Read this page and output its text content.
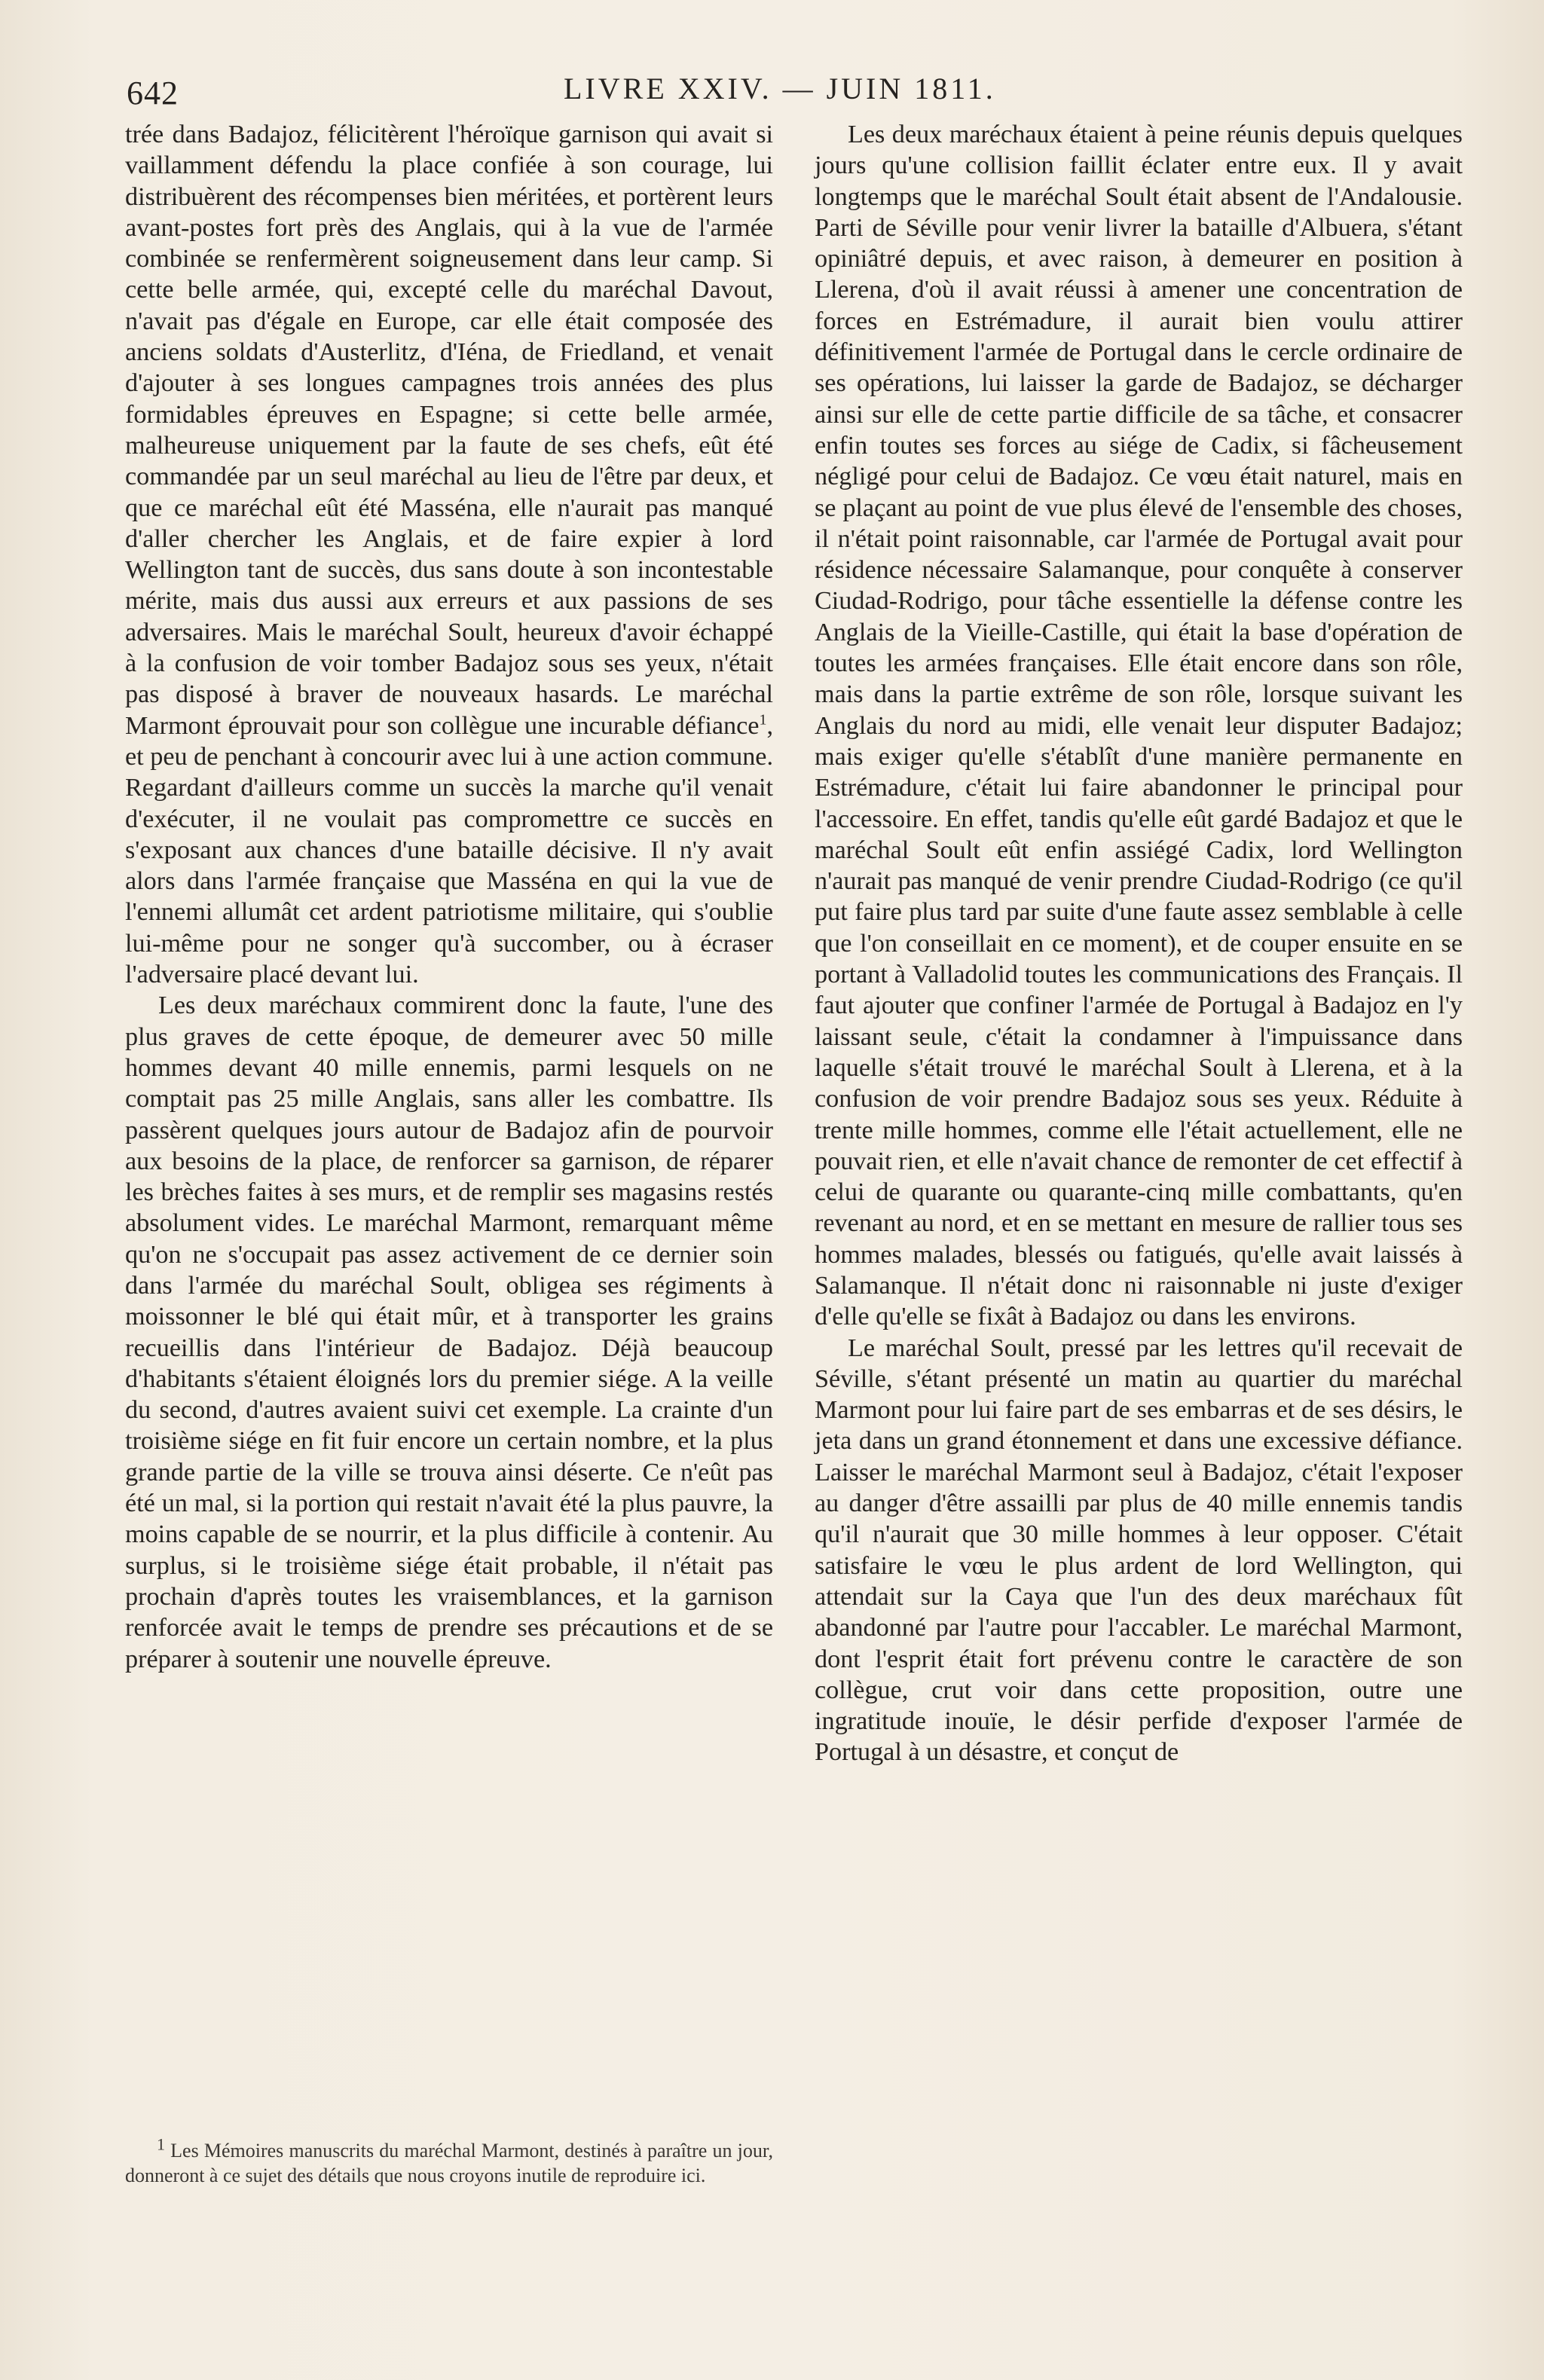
642	LIVRE XXIV. — JUIN 1811.

trée dans Badajoz, félicitèrent l'héroïque garnison qui avait si vaillamment défendu la place confiée à son courage, lui distribuèrent des récompenses bien méritées, et portèrent leurs avant-postes fort près des Anglais, qui à la vue de l'armée combinée se renfermèrent soigneusement dans leur camp. Si cette belle armée, qui, excepté celle du maréchal Davout, n'avait pas d'égale en Europe, car elle était composée des anciens soldats d'Austerlitz, d'Iéna, de Friedland, et venait d'ajouter à ses longues campagnes trois années des plus formidables épreuves en Espagne; si cette belle armée, malheureuse uniquement par la faute de ses chefs, eût été commandée par un seul maréchal au lieu de l'être par deux, et que ce maréchal eût été Masséna, elle n'aurait pas manqué d'aller chercher les Anglais, et de faire expier à lord Wellington tant de succès, dus sans doute à son incontestable mérite, mais dus aussi aux erreurs et aux passions de ses adversaires. Mais le maréchal Soult, heureux d'avoir échappé à la confusion de voir tomber Badajoz sous ses yeux, n'était pas disposé à braver de nouveaux hasards. Le maréchal Marmont éprouvait pour son collègue une incurable défiance$^1$, et peu de penchant à concourir avec lui à une action commune. Regardant d'ailleurs comme un succès la marche qu'il venait d'exécuter, il ne voulait pas compromettre ce succès en s'exposant aux chances d'une bataille décisive. Il n'y avait alors dans l'armée française que Masséna en qui la vue de l'ennemi allumât cet ardent patriotisme militaire, qui s'oublie lui-même pour ne songer qu'à succomber, ou à écraser l'adversaire placé devant lui.

Les deux maréchaux commirent donc la faute, l'une des plus graves de cette époque, de demeurer avec 50 mille hommes devant 40 mille ennemis, parmi lesquels on ne comptait pas 25 mille Anglais, sans aller les combattre. Ils passèrent quelques jours autour de Badajoz afin de pourvoir aux besoins de la place, de renforcer sa garnison, de réparer les brèches faites à ses murs, et de remplir ses magasins restés absolument vides. Le maréchal Marmont, remarquant même qu'on ne s'occupait pas assez activement de ce dernier soin dans l'armée du maréchal Soult, obligea ses régiments à moissonner le blé qui était mûr, et à transporter les grains recueillis dans l'intérieur de Badajoz. Déjà beaucoup d'habitants s'étaient éloignés lors du premier siége. A la veille du second, d'autres avaient suivi cet exemple. La crainte d'un troisième siége en fit fuir encore un certain nombre, et la plus grande partie de la ville se trouva ainsi déserte. Ce n'eût pas été un mal, si la portion qui restait n'avait été la plus pauvre, la moins capable de se nourrir, et la plus difficile à contenir. Au surplus, si le troisième siége était probable, il n'était pas prochain d'après toutes les vraisemblances, et la garnison renforcée avait le temps de prendre ses précautions et de se préparer à soutenir une nouvelle épreuve.

$^1$ Les Mémoires manuscrits du maréchal Marmont, destinés à paraître un jour, donneront à ce sujet des détails que nous croyons inutile de reproduire ici.

Les deux maréchaux étaient à peine réunis depuis quelques jours qu'une collision faillit éclater entre eux. Il y avait longtemps que le maréchal Soult était absent de l'Andalousie. Parti de Séville pour venir livrer la bataille d'Albuera, s'étant opiniâtré depuis, et avec raison, à demeurer en position à Llerena, d'où il avait réussi à amener une concentration de forces en Estrémadure, il aurait bien voulu attirer définitivement l'armée de Portugal dans le cercle ordinaire de ses opérations, lui laisser la garde de Badajoz, se décharger ainsi sur elle de cette partie difficile de sa tâche, et consacrer enfin toutes ses forces au siége de Cadix, si fâcheusement négligé pour celui de Badajoz. Ce vœu était naturel, mais en se plaçant au point de vue plus élevé de l'ensemble des choses, il n'était point raisonnable, car l'armée de Portugal avait pour résidence nécessaire Salamanque, pour conquête à conserver Ciudad-Rodrigo, pour tâche essentielle la défense contre les Anglais de la Vieille-Castille, qui était la base d'opération de toutes les armées françaises. Elle était encore dans son rôle, mais dans la partie extrême de son rôle, lorsque suivant les Anglais du nord au midi, elle venait leur disputer Badajoz; mais exiger qu'elle s'établît d'une manière permanente en Estrémadure, c'était lui faire abandonner le principal pour l'accessoire. En effet, tandis qu'elle eût gardé Badajoz et que le maréchal Soult eût enfin assiégé Cadix, lord Wellington n'aurait pas manqué de venir prendre Ciudad-Rodrigo (ce qu'il put faire plus tard par suite d'une faute assez semblable à celle que l'on conseillait en ce moment), et de couper ensuite en se portant à Valladolid toutes les communications des Français. Il faut ajouter que confiner l'armée de Portugal à Badajoz en l'y laissant seule, c'était la condamner à l'impuissance dans laquelle s'était trouvé le maréchal Soult à Llerena, et à la confusion de voir prendre Badajoz sous ses yeux. Réduite à trente mille hommes, comme elle l'était actuellement, elle ne pouvait rien, et elle n'avait chance de remonter de cet effectif à celui de quarante ou quarante-cinq mille combattants, qu'en revenant au nord, et en se mettant en mesure de rallier tous ses hommes malades, blessés ou fatigués, qu'elle avait laissés à Salamanque. Il n'était donc ni raisonnable ni juste d'exiger d'elle qu'elle se fixât à Badajoz ou dans les environs.

Le maréchal Soult, pressé par les lettres qu'il recevait de Séville, s'étant présenté un matin au quartier du maréchal Marmont pour lui faire part de ses embarras et de ses désirs, le jeta dans un grand étonnement et dans une excessive défiance. Laisser le maréchal Marmont seul à Badajoz, c'était l'exposer au danger d'être assailli par plus de 40 mille ennemis tandis qu'il n'aurait que 30 mille hommes à leur opposer. C'était satisfaire le vœu le plus ardent de lord Wellington, qui attendait sur la Caya que l'un des deux maréchaux fût abandonné par l'autre pour l'accabler. Le maréchal Marmont, dont l'esprit était fort prévenu contre le caractère de son collègue, crut voir dans cette proposition, outre une ingratitude inouïe, le désir perfide d'exposer l'armée de Portugal à un désastre, et conçut de
